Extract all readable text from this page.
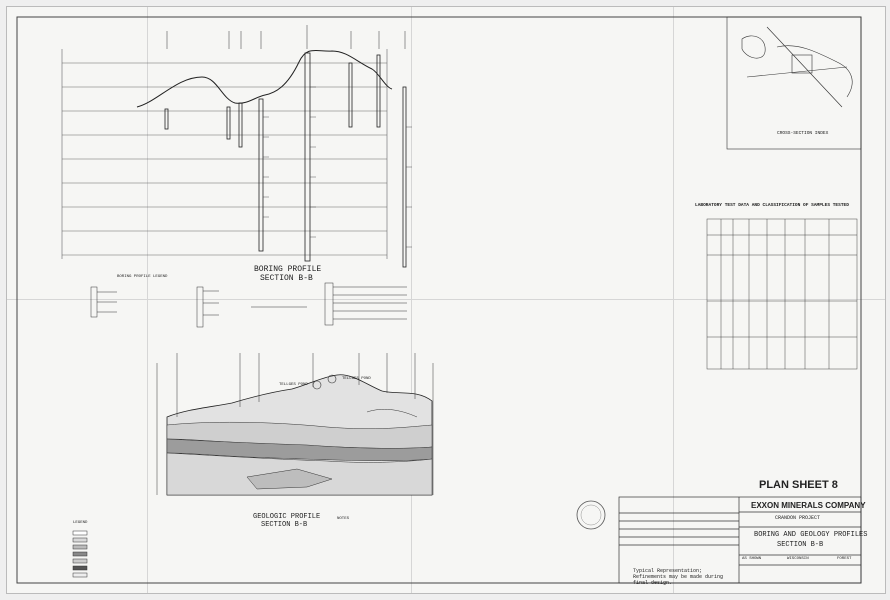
BORING PROFILE
SECTION B-B
BORING PROFILE LEGEND
GEOLOGIC PROFILE
SECTION B-B
NOTES
LEGEND
TELLGES POND
TELLGES POND
LABORATORY TEST DATA AND CLASSIFICATION OF SAMPLES TESTED
CROSS-SECTION INDEX
Typical Representation; Refinements may be made during final design.
PLAN SHEET 8
EXXON MINERALS COMPANY
CRANDON PROJECT
BORING AND GEOLOGY PROFILES
SECTION B-B
AS SHOWN	WISCONSIN	FOREST
